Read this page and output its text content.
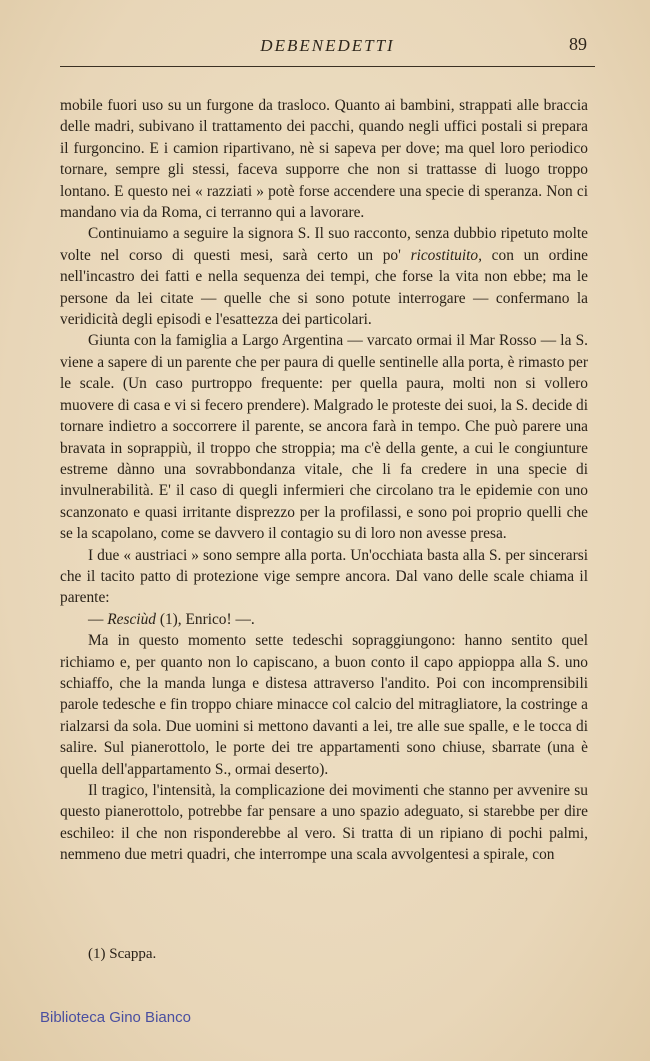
DEBENEDETTI	89

mobile fuori uso su un furgone da trasloco. Quanto ai bambini, strappati alle braccia delle madri, subivano il trattamento dei pacchi, quando negli uffici postali si prepara il furgoncino. E i camion ripartivano, nè si sapeva per dove; ma quel loro periodico tornare, sempre gli stessi, faceva supporre che non si trattasse di luogo troppo lontano. E questo nei « razziati » potè forse accendere una specie di speranza. Non ci mandano via da Roma, ci terranno qui a lavorare.

Continuiamo a seguire la signora S. Il suo racconto, senza dubbio ripetuto molte volte nel corso di questi mesi, sarà certo un po' ricostituito, con un ordine nell'incastro dei fatti e nella sequenza dei tempi, che forse la vita non ebbe; ma le persone da lei citate — quelle che si sono potute interrogare — confermano la veridicità degli episodi e l'esattezza dei particolari.

Giunta con la famiglia a Largo Argentina — varcato ormai il Mar Rosso — la S. viene a sapere di un parente che per paura di quelle sentinelle alla porta, è rimasto per le scale. (Un caso purtroppo frequente: per quella paura, molti non si vollero muovere di casa e vi si fecero prendere). Malgrado le proteste dei suoi, la S. decide di tornare indietro a soccorrere il parente, se ancora farà in tempo. Che può parere una bravata in soprappiù, il troppo che stroppia; ma c'è della gente, a cui le congiunture estreme dànno una sovrabbondanza vitale, che li fa credere in una specie di invulnerabilità. E' il caso di quegli infermieri che circolano tra le epidemie con uno scanzonato e quasi irritante disprezzo per la profilassi, e sono poi proprio quelli che se la scapolano, come se davvero il contagio su di loro non avesse presa.

I due « austriaci » sono sempre alla porta. Un'occhiata basta alla S. per sincerarsi che il tacito patto di protezione vige sempre ancora. Dal vano delle scale chiama il parente:

— Resciùd (1), Enrico! —.

Ma in questo momento sette tedeschi sopraggiungono: hanno sentito quel richiamo e, per quanto non lo capiscano, a buon conto il capo appioppa alla S. uno schiaffo, che la manda lunga e distesa attraverso l'andito. Poi con incomprensibili parole tedesche e fin troppo chiare minacce col calcio del mitragliatore, la costringe a rialzarsi da sola. Due uomini si mettono davanti a lei, tre alle sue spalle, e le tocca di salire. Sul pianerottolo, le porte dei tre appartamenti sono chiuse, sbarrate (una è quella dell'appartamento S., ormai deserto).

Il tragico, l'intensità, la complicazione dei movimenti che stanno per avvenire su questo pianerottolo, potrebbe far pensare a uno spazio adeguato, si starebbe per dire eschileo: il che non risponderebbe al vero. Si tratta di un ripiano di pochi palmi, nemmeno due metri quadri, che interrompe una scala avvolgentesi a spirale, con

(1) Scappa.
Biblioteca Gino Bianco
